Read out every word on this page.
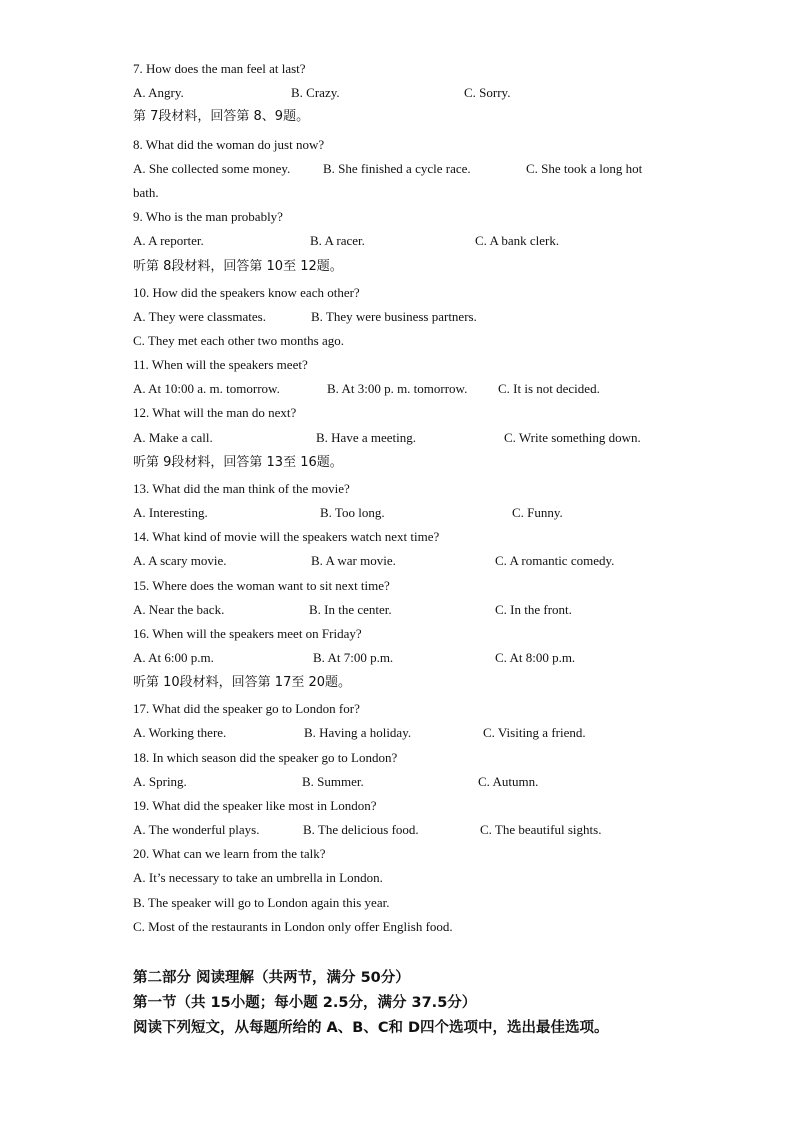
7. How does the man feel at last?
A. Angry.	B. Crazy.	C. Sorry.
第 7段材料，回答第 8、9题。
8. What did the woman do just now?
A. She collected some money.	B. She finished a cycle race.	C. She took a long hot
bath.
9. Who is the man probably?
A. A reporter.	B. A racer.	C. A bank clerk.
听第 8段材料，回答第 10至 12题。
10. How did the speakers know each other?
A. They were classmates.	B. They were business partners.
C. They met each other two months ago.
11. When will the speakers meet?
A. At 10:00 a. m. tomorrow.	B. At 3:00 p. m. tomorrow. C. It is not decided.
12. What will the man do next?
A. Make a call.	B. Have a meeting.	C. Write something down.
听第 9段材料，回答第 13至 16题。
13. What did the man think of the movie?
A. Interesting.	B. Too long.	C. Funny.
14. What kind of movie will the speakers watch next time?
A. A scary movie.	B. A war movie.	C. A romantic comedy.
15. Where does the woman want to sit next time?
A. Near the back.	B. In the center.	C. In the front.
16. When will the speakers meet on Friday?
A. At 6:00 p.m.	B. At 7:00 p.m.	C. At 8:00 p.m.
听第 10段材料，回答第 17至 20题。
17. What did the speaker go to London for?
A. Working there.	B. Having a holiday.	C. Visiting a friend.
18. In which season did the speaker go to London?
A. Spring.	B. Summer.	C. Autumn.
19. What did the speaker like most in London?
A. The wonderful plays.	B. The delicious food.	C. The beautiful sights.
20. What can we learn from the talk?
A. It’s necessary to take an umbrella in London.
B. The speaker will go to London again this year.
C. Most of the restaurants in London only offer English food.
第二部分 阅读理解（共两节，满分 50分）
第一节（共 15小题；每小题 2.5分，满分 37.5分）
阅读下列短文，从每题所给的 A、B、C和 D四个选项中，选出最佳选项。
